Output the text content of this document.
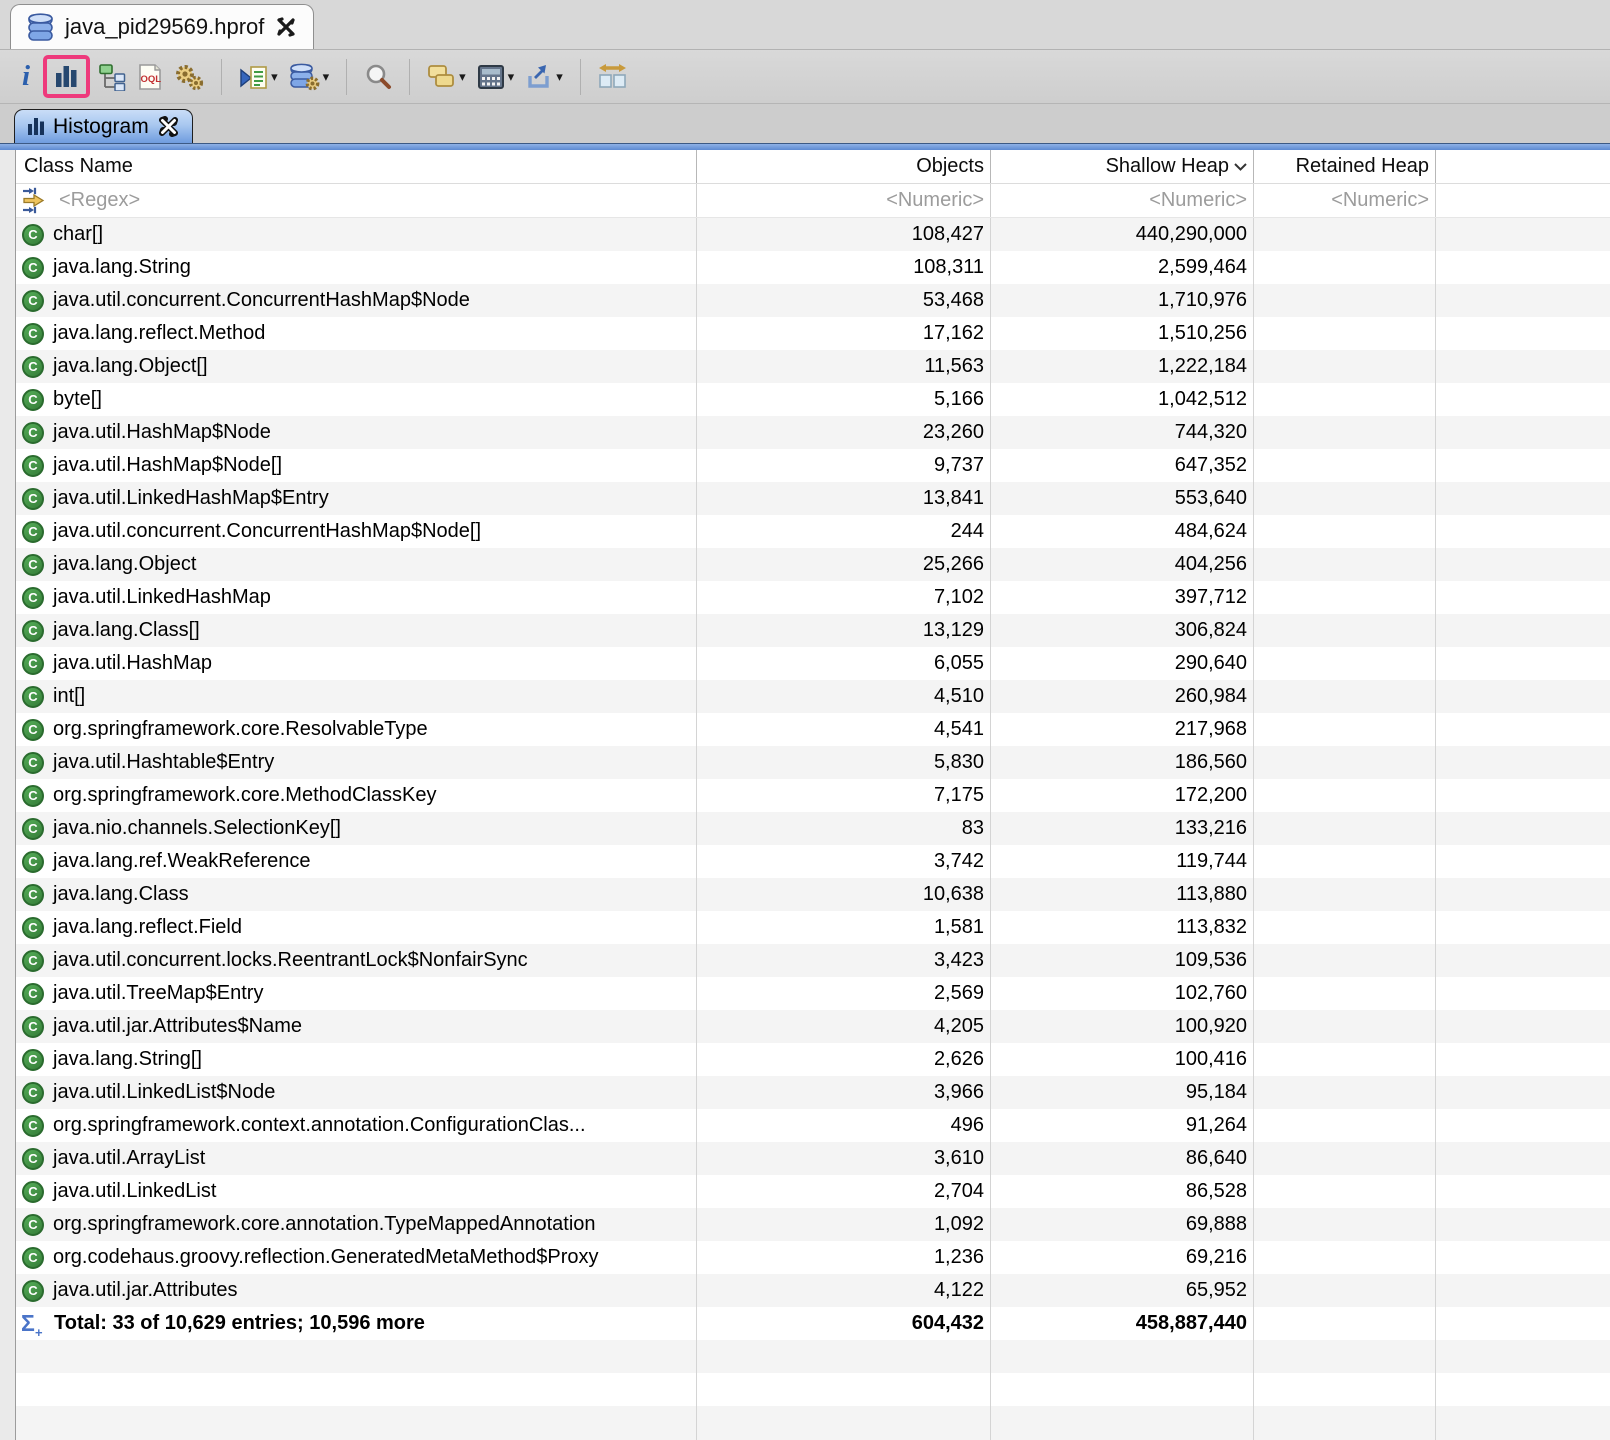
java_pid29569.hprof
i	OQL	▾	▾	▾	▾	▾
Histogram
Class Name	Objects	Shallow Heap	Retained Heap
<Regex>	<Numeric>	<Numeric>	<Numeric>
C char[]	108,427	440,290,000
C java.lang.String	108,311	2,599,464
C java.util.concurrent.ConcurrentHashMap$Node	53,468	1,710,976
C java.lang.reflect.Method	17,162	1,510,256
C java.lang.Object[]	11,563	1,222,184
C byte[]	5,166	1,042,512
C java.util.HashMap$Node	23,260	744,320
C java.util.HashMap$Node[]	9,737	647,352
C java.util.LinkedHashMap$Entry	13,841	553,640
C java.util.concurrent.ConcurrentHashMap$Node[]	244	484,624
C java.lang.Object	25,266	404,256
C java.util.LinkedHashMap	7,102	397,712
C java.lang.Class[]	13,129	306,824
C java.util.HashMap	6,055	290,640
C int[]	4,510	260,984
C org.springframework.core.ResolvableType	4,541	217,968
C java.util.Hashtable$Entry	5,830	186,560
C org.springframework.core.MethodClassKey	7,175	172,200
C java.nio.channels.SelectionKey[]	83	133,216
C java.lang.ref.WeakReference	3,742	119,744
C java.lang.Class	10,638	113,880
C java.lang.reflect.Field	1,581	113,832
C java.util.concurrent.locks.ReentrantLock$NonfairSync	3,423	109,536
C java.util.TreeMap$Entry	2,569	102,760
C java.util.jar.Attributes$Name	4,205	100,920
C java.lang.String[]	2,626	100,416
C java.util.LinkedList$Node	3,966	95,184
C org.springframework.context.annotation.ConfigurationClas...	496	91,264
C java.util.ArrayList	3,610	86,640
C java.util.LinkedList	2,704	86,528
C org.springframework.core.annotation.TypeMappedAnnotation	1,092	69,888
C org.codehaus.groovy.reflection.GeneratedMetaMethod$Proxy	1,236	69,216
C java.util.jar.Attributes	4,122	65,952
Σ + Total: 33 of 10,629 entries; 10,596 more	604,432	458,887,440
